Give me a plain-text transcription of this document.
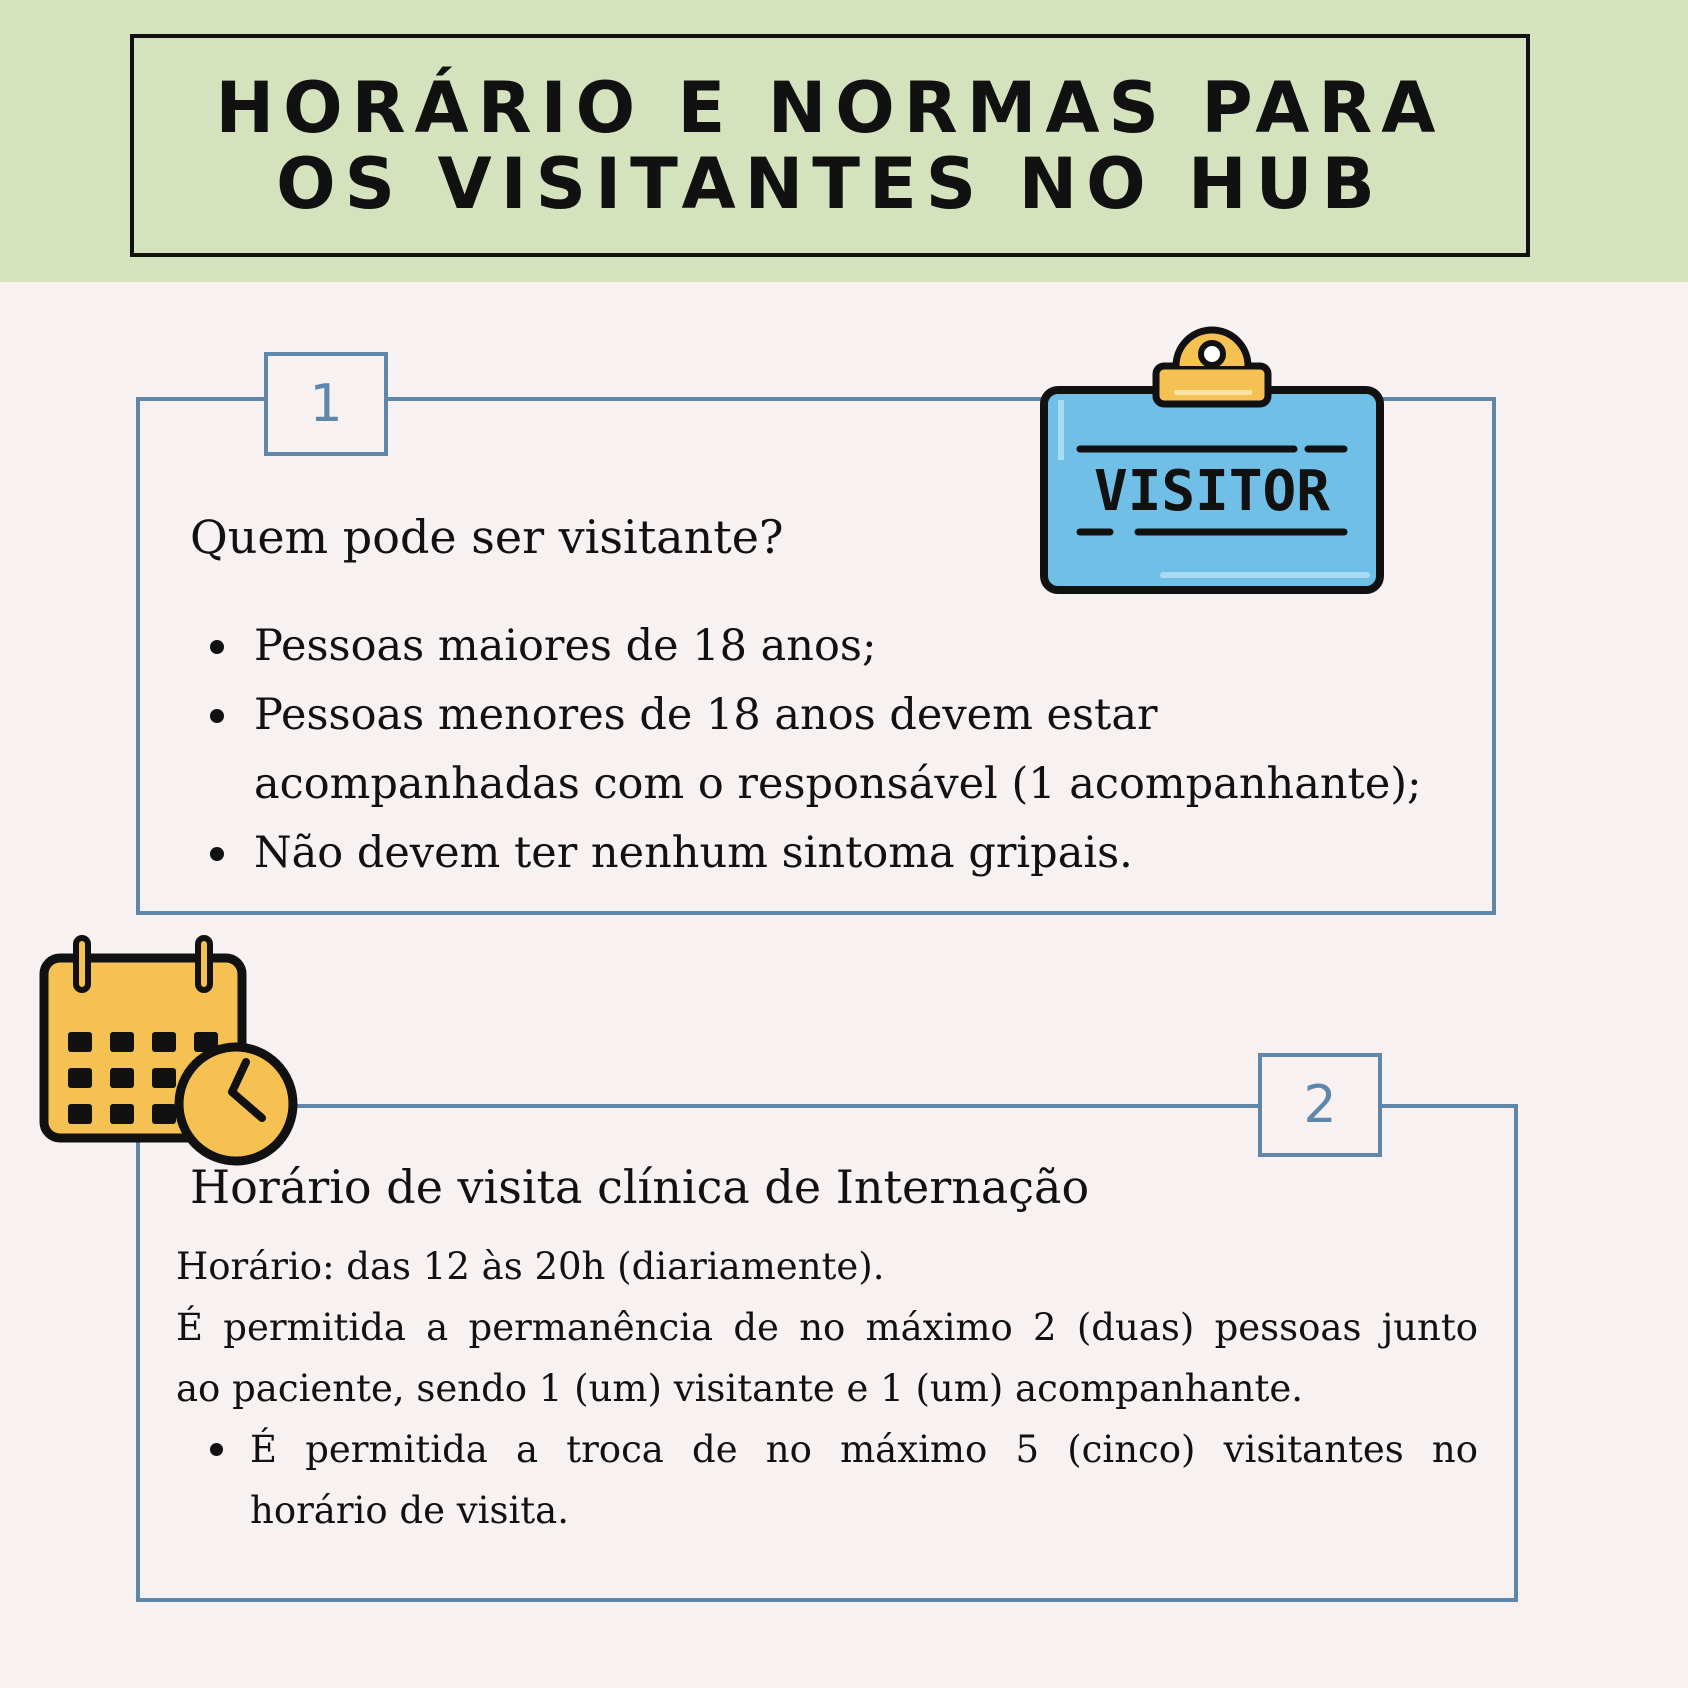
HORÁRIO E NORMAS PARA
OS VISITANTES NO HUB
1
Quem pode ser visitante?
Pessoas maiores de 18 anos;
Pessoas menores de 18 anos devem estar acompanhadas com o responsável (1 acompanhante);
Não devem ter nenhum sintoma gripais.
VISITOR
2
Horário de visita clínica de Internação
Horário: das 12 às 20h (diariamente).
É permitida a permanência de no máximo 2 (duas) pessoas junto
ao paciente, sendo 1 (um) visitante e 1 (um) acompanhante.
É permitida a troca de no máximo 5 (cinco) visitantes no
horário de visita.
